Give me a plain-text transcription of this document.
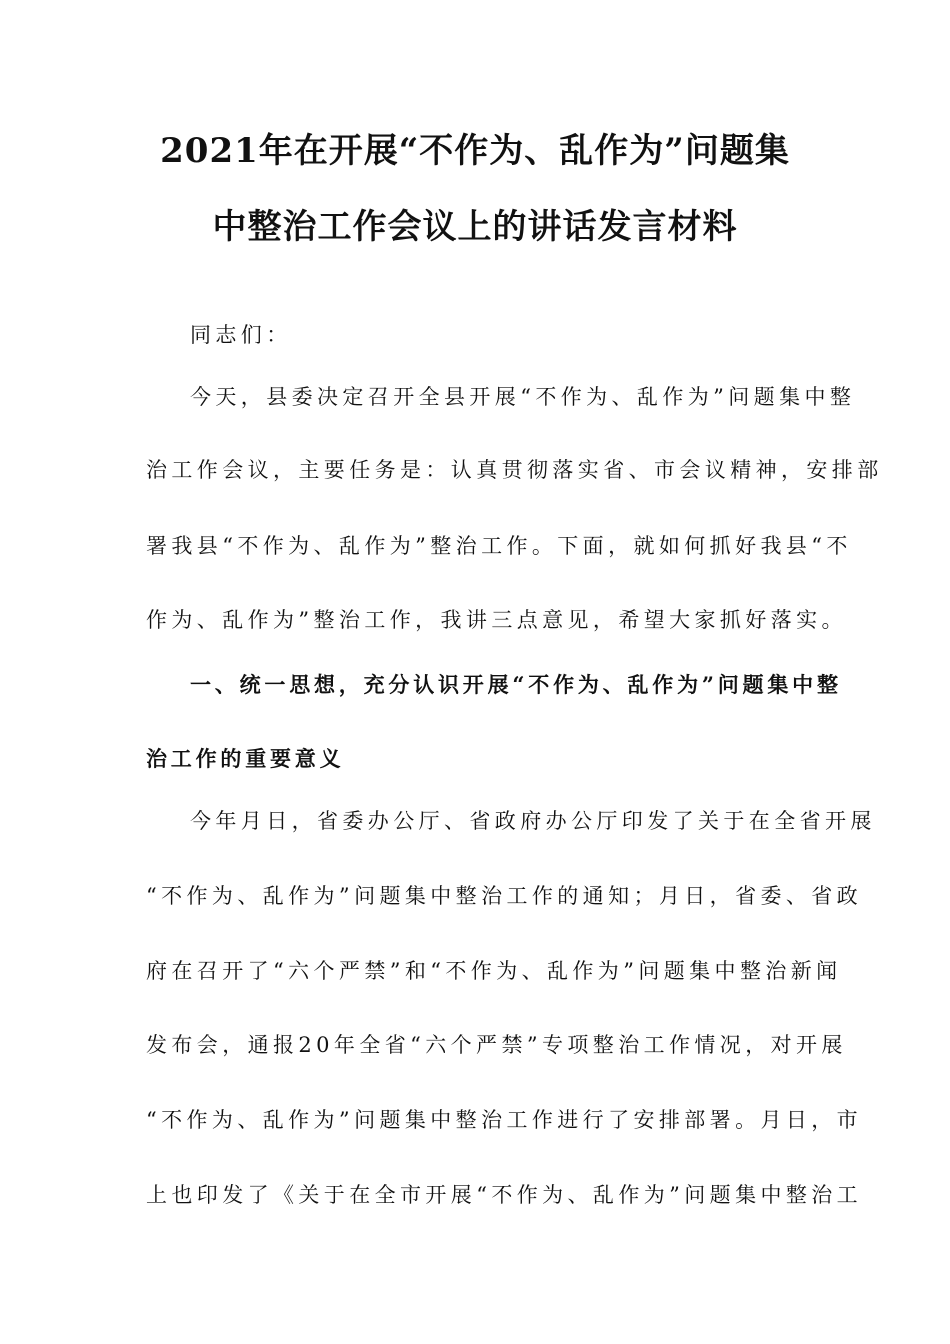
2021年在开展“不作为、乱作为”问题集
中整治工作会议上的讲话发言材料
同志们：
今天，县委决定召开全县开展“不作为、乱作为”问题集中整
治工作会议，主要任务是：认真贯彻落实省、市会议精神，安排部
署我县“不作为、乱作为”整治工作。下面，就如何抓好我县“不
作为、乱作为”整治工作，我讲三点意见，希望大家抓好落实。
一、统一思想，充分认识开展“不作为、乱作为”问题集中整
治工作的重要意义
今年月日，省委办公厅、省政府办公厅印发了关于在全省开展
“不作为、乱作为”问题集中整治工作的通知；月日，省委、省政
府在召开了“六个严禁”和“不作为、乱作为”问题集中整治新闻
发布会，通报20年全省“六个严禁”专项整治工作情况，对开展
“不作为、乱作为”问题集中整治工作进行了安排部署。月日，市
上也印发了《关于在全市开展“不作为、乱作为”问题集中整治工
